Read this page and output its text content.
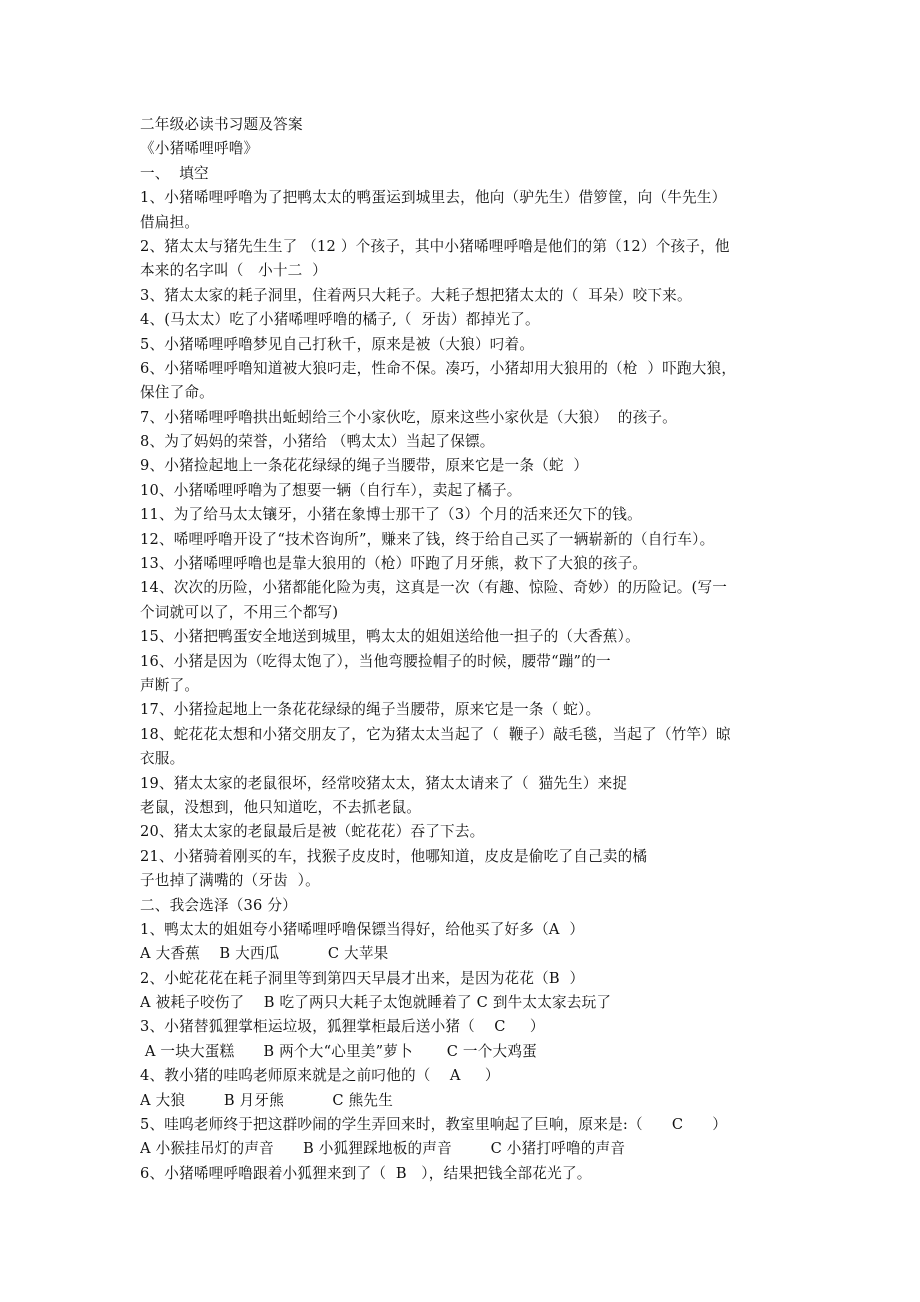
二年级必读书习题及答案
《小猪唏哩呼噜》
一、  填空
1、小猪唏哩呼噜为了把鸭太太的鸭蛋运到城里去，他向（驴先生）借箩筐，向（牛先生）
借扁担。
2、猪太太与猪先生生了 （12 ）个孩子，其中小猪唏哩呼噜是他们的第（12）个孩子，他
本来的名字叫（   小十二  ）
3、猪太太家的耗子洞里，住着两只大耗子。大耗子想把猪太太的（  耳朵）咬下来。
4、(马太太）吃了小猪唏哩呼噜的橘子,（  牙齿）都掉光了。
5、小猪唏哩呼噜梦见自己打秋千，原来是被（大狼）叼着。
6、小猪唏哩呼噜知道被大狼叼走，性命不保。凑巧，小猪却用大狼用的（枪  ）吓跑大狼，
保住了命。
7、小猪唏哩呼噜拱出蚯蚓给三个小家伙吃，原来这些小家伙是（大狼）  的孩子。
8、为了妈妈的荣誉，小猪给 （鸭太太）当起了保镖。
9、小猪捡起地上一条花花绿绿的绳子当腰带，原来它是一条（蛇  ）
10、小猪唏哩呼噜为了想要一辆（自行车），卖起了橘子。
11、为了给马太太镶牙，小猪在象博士那干了（3）个月的活来还欠下的钱。
12、唏哩呼噜开设了“技术咨询所”，赚来了钱，终于给自己买了一辆崭新的（自行车）。
13、小猪唏哩呼噜也是靠大狼用的（枪）吓跑了月牙熊，救下了大狼的孩子。
14、次次的历险，小猪都能化险为夷，这真是一次（有趣、惊险、奇妙）的历险记。(写一
个词就可以了，不用三个都写)
15、小猪把鸭蛋安全地送到城里，鸭太太的姐姐送给他一担子的（大香蕉）。
16、小猪是因为（吃得太饱了），当他弯腰捡帽子的时候，腰带“蹦”的一
声断了。
17、小猪捡起地上一条花花绿绿的绳子当腰带，原来它是一条（ 蛇）。
18、蛇花花太想和小猪交朋友了，它为猪太太当起了（  鞭子）敲毛毯，当起了（竹竿）晾
衣服。
19、猪太太家的老鼠很坏，经常咬猪太太，猪太太请来了（  猫先生）来捉
老鼠，没想到，他只知道吃，不去抓老鼠。
20、猪太太家的老鼠最后是被（蛇花花）吞了下去。
21、小猪骑着刚买的车，找猴子皮皮时，他哪知道，皮皮是偷吃了自己卖的橘
子也掉了满嘴的（牙齿  ）。
二、我会选泽（36 分）
1、鸭太太的姐姐夸小猪唏哩呼噜保镖当得好，给他买了好多（A  ）
A 大香蕉    B 大西瓜          C 大苹果
2、小蛇花花在耗子洞里等到第四天早晨才出来，是因为花花（B  ）
A 被耗子咬伤了    B 吃了两只大耗子太饱就睡着了 C 到牛太太家去玩了
3、小猪替狐狸掌柜运垃圾，狐狸掌柜最后送小猪（    C     ）
A 一块大蛋糕      B 两个大“心里美”萝卜       C 一个大鸡蛋
4、教小猪的哇呜老师原来就是之前叼他的（    A     ）
A 大狼        B 月牙熊          C 熊先生
5、哇呜老师终于把这群吵闹的学生弄回来时，教室里响起了巨响，原来是:（      C      ）
A 小猴挂吊灯的声音      B 小狐狸踩地板的声音        C 小猪打呼噜的声音
6、小猪唏哩呼噜跟着小狐狸来到了（  B   ），结果把钱全部花光了。
